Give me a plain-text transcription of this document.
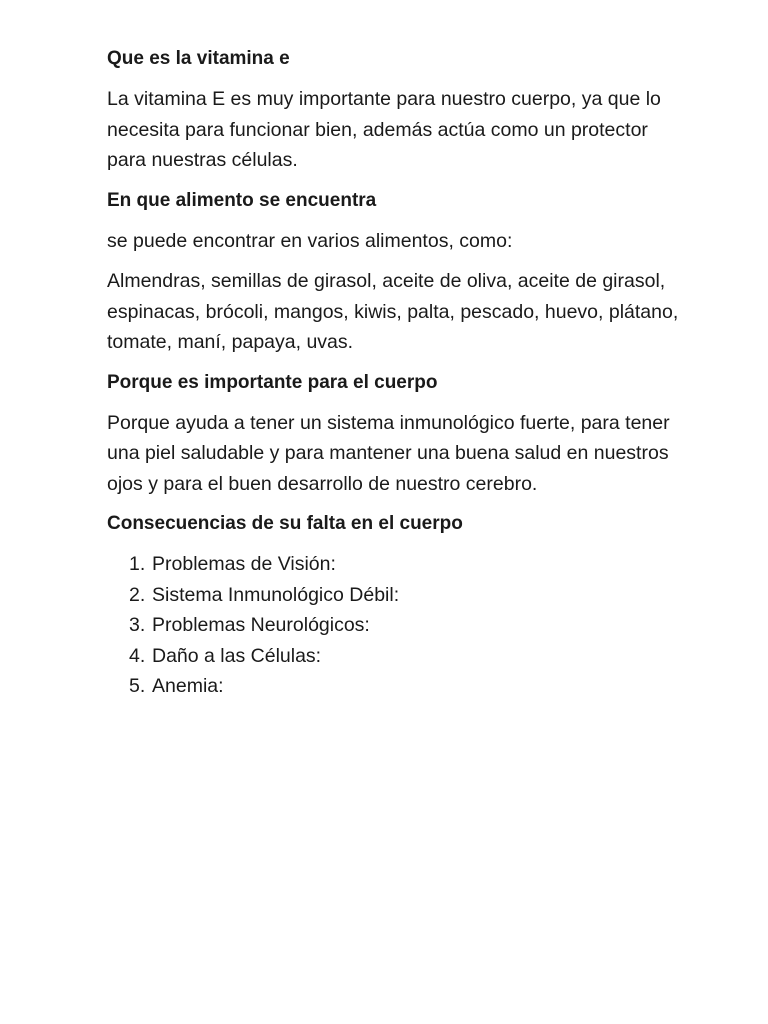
Que es la vitamina e

La vitamina E es muy importante para nuestro cuerpo, ya que lo necesita para funcionar bien, además actúa como un protector para nuestras células.

En que alimento se encuentra

se puede encontrar en varios alimentos, como:

Almendras, semillas de girasol, aceite de oliva, aceite de girasol, espinacas, brócoli, mangos, kiwis, palta, pescado, huevo, plátano, tomate, maní, papaya, uvas.

Porque es importante para el cuerpo

Porque ayuda a tener un sistema inmunológico fuerte, para tener una piel saludable y para mantener una buena salud en nuestros ojos y para el buen desarrollo de nuestro cerebro.

Consecuencias de su falta en el cuerpo
1. Problemas de Visión:
2. Sistema Inmunológico Débil:
3. Problemas Neurológicos:
4. Daño a las Células:
5. Anemia:
